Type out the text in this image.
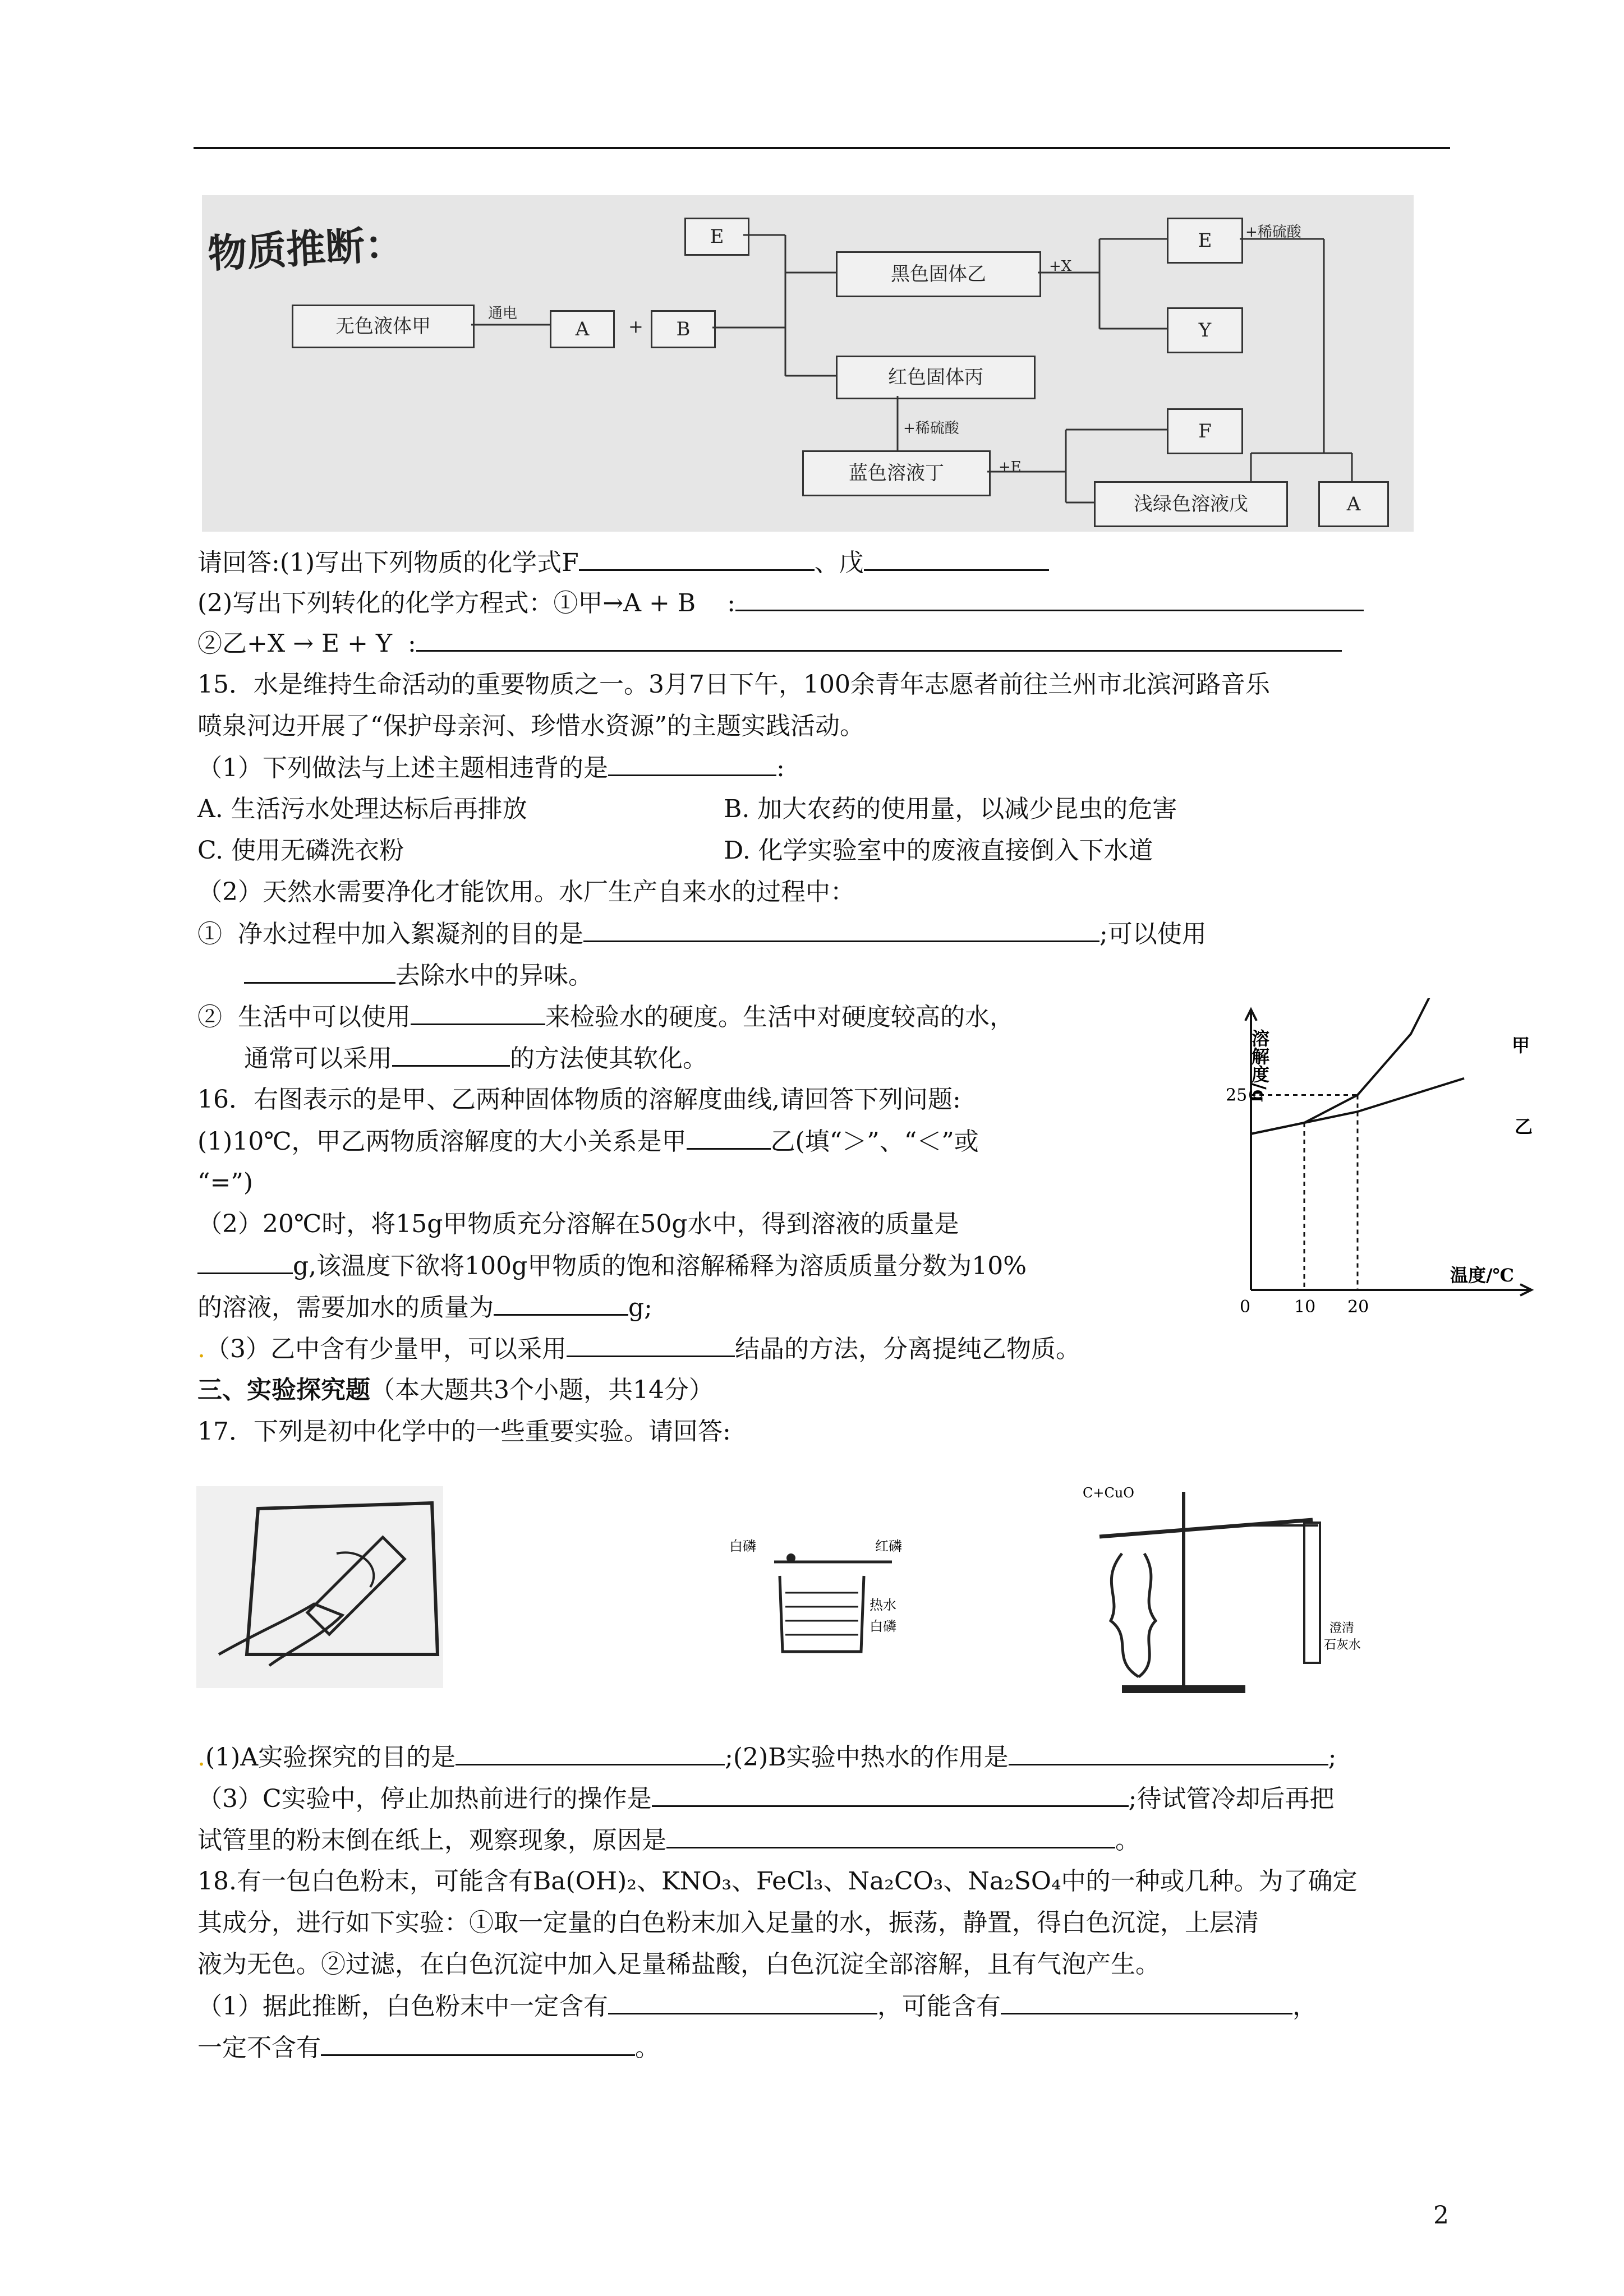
物质推断：
无色液体甲
通电
A	+	B
E
黑色固体乙	+X
E	+稀硫酸
Y
红色固体丙
+稀硫酸
蓝色溶液丁	+E
F
浅绿色溶液戊	A
请回答:(1)写出下列物质的化学式F	、戊
(2)写出下列转化的化学方程式：①甲→A + B    :
②乙+X → E + Y  :
15．水是维持生命活动的重要物质之一。3月7日下午，100余青年志愿者前往兰州市北滨河路音乐
喷泉河边开展了“保护母亲河、珍惜水资源”的主题实践活动。
（1）下列做法与上述主题相违背的是	:
A. 生活污水处理达标后再排放	B. 加大农药的使用量，以减少昆虫的危害
C. 使用无磷洗衣粉	D. 化学实验室中的废液直接倒入下水道
（2）天然水需要净化才能饮用。水厂生产自来水的过程中：
①  净水过程中加入絮凝剂的目的是	;可以使用
去除水中的异味。
②  生活中可以使用	来检验水的硬度。生活中对硬度较高的水，
通常可以采用	的方法使其软化。
16．右图表示的是甲、乙两种固体物质的溶解度曲线,请回答下列问题:
(1)10℃，甲乙两物质溶解度的大小关系是甲	乙(填“＞”、“＜”或
“=”)
（2）20℃时，将15g甲物质充分溶解在50g水中，得到溶液的质量是
g,该温度下欲将100g甲物质的饱和溶解稀释为溶质质量分数为10%
的溶液，需要加水的质量为	g;
.（3）乙中含有少量甲，可以采用	结晶的方法，分离提纯乙物质。
溶解度/g
温度/℃
0	10 20
25
甲
乙
三、实验探究题（本大题共3个小题，共14分）
17．下列是初中化学中的一些重要实验。请回答:
白磷	红磷
热水
白磷
C+CuO
澄清
石灰水
.(1)A实验探究的目的是	;(2)B实验中热水的作用是	;
（3）C实验中，停止加热前进行的操作是	;待试管冷却后再把
试管里的粉末倒在纸上，观察现象，原因是	。
18.有一包白色粉末，可能含有Ba(OH)₂、KNO₃、FeCl₃、Na₂CO₃、Na₂SO₄中的一种或几种。为了确定
其成分，进行如下实验：①取一定量的白色粉末加入足量的水，振荡，静置，得白色沉淀，上层清
液为无色。②过滤，在白色沉淀中加入足量稀盐酸，白色沉淀全部溶解，且有气泡产生。
（1）据此推断，白色粉末中一定含有	，可能含有	，
一定不含有	。
2
